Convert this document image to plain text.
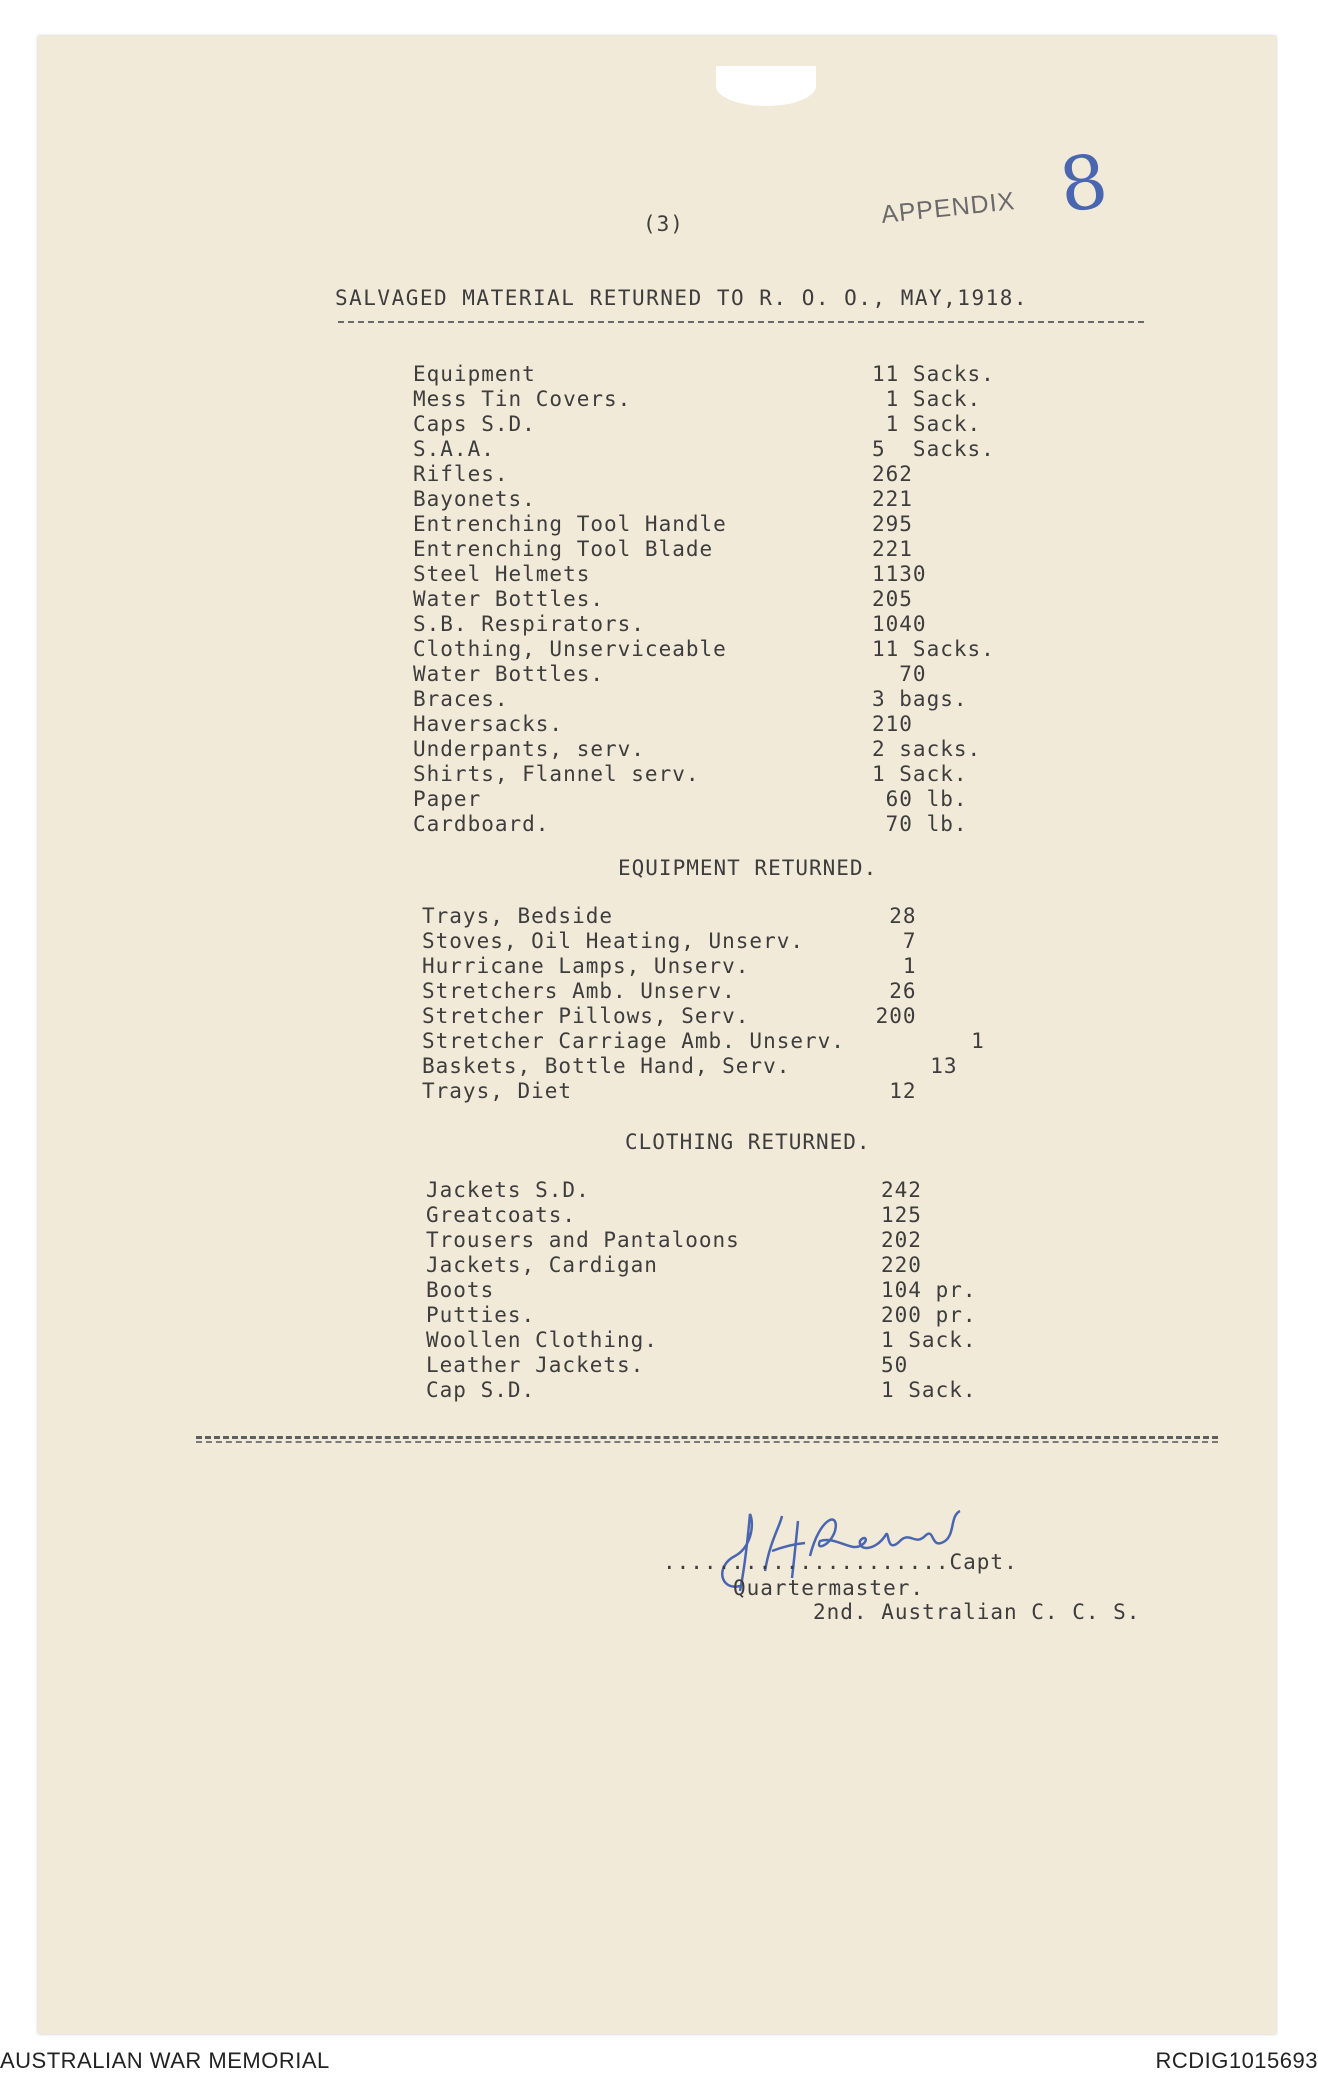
(3)	APPENDIX 8
SALVAGED MATERIAL RETURNED TO R. O. O., MAY,1918.
Equipment	11 Sacks.
Mess Tin Covers.	1 Sack.
Caps S.D.	1 Sack.
S.A.A.	5  Sacks.
Rifles.	262
Bayonets.	221
Entrenching Tool Handle	295
Entrenching Tool Blade	221
Steel Helmets	1130
Water Bottles.	205
S.B. Respirators.	1040
Clothing, Unserviceable	11 Sacks.
Water Bottles.	70
Braces.	3 bags.
Haversacks.	210
Underpants, serv.	2 sacks.
Shirts, Flannel serv.	1 Sack.
Paper	60 lb.
Cardboard.	70 lb.
EQUIPMENT RETURNED.
Trays, Bedside	28
Stoves, Oil Heating, Unserv.	7
Hurricane Lamps, Unserv.	1
Stretchers Amb. Unserv.	26
Stretcher Pillows, Serv.	200
Stretcher Carriage Amb. Unserv. 1
Baskets, Bottle Hand, Serv.	13
Trays, Diet	12
CLOTHING RETURNED.
Jackets S.D.	242
Greatcoats.	125
Trousers and Pantaloons	202
Jackets, Cardigan	220
Boots	104 pr.
Putties.	200 pr.
Woollen Clothing.	1 Sack.
Leather Jackets.	50
Cap S.D.	1 Sack.
.....................Capt.
Quartermaster.
2nd. Australian C. C. S.
AUSTRALIAN WAR MEMORIAL	RCDIG1015693
